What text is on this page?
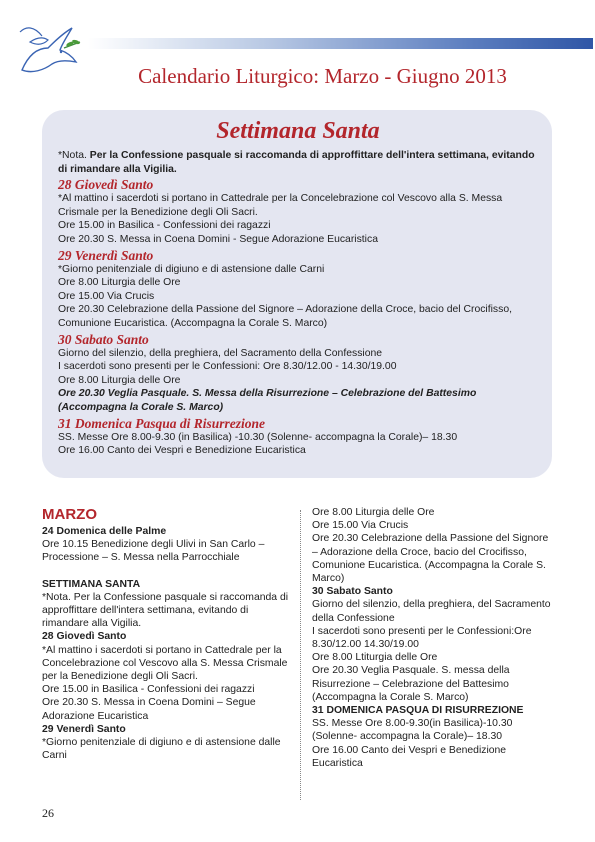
Calendario Liturgico: Marzo - Giugno 2013
Settimana Santa

*Nota. Per la Confessione pasquale si raccomanda di approffittare dell'intera settimana, evitando di rimandare alla Vigilia.

28 Giovedì Santo

*Al mattino i sacerdoti si portano in Cattedrale per la Concelebrazione col Vescovo alla S. Messa Crismale per la Benedizione degli Oli Sacri.

Ore 15.00 in Basilica - Confessioni dei ragazzi

Ore 20.30 S. Messa in Coena Domini - Segue Adorazione Eucaristica

29 Venerdì Santo

*Giorno penitenziale di digiuno e di astensione dalle Carni

Ore 8.00 Liturgia delle Ore

Ore 15.00 Via Crucis

Ore 20.30 Celebrazione della Passione del Signore – Adorazione della Croce, bacio del Crocifisso, Comunione Eucaristica. (Accompagna la Corale S. Marco)

30 Sabato Santo

Giorno del silenzio, della preghiera, del Sacramento della Confessione

I sacerdoti sono presenti per le Confessioni: Ore 8.30/12.00 - 14.30/19.00

Ore 8.00 Liturgia delle Ore

Ore 20.30 Veglia Pasquale. S. Messa della Risurrezione – Celebrazione del Battesimo (Accompagna la Corale S. Marco)

31 Domenica Pasqua di Risurrezione

SS. Messe Ore 8.00-9.30 (in Basilica) -10.30 (Solenne- accompagna la Corale)– 18.30

Ore 16.00 Canto dei Vespri e Benedizione Eucaristica

MARZO

24 Domenica delle Palme

Ore 10.15 Benedizione degli Ulivi in San Carlo – Processione – S. Messa nella Parrocchiale

SETTIMANA SANTA

*Nota. Per la Confessione pasquale si raccomanda di approffittare dell'intera settimana, evitando di rimandare alla Vigilia.

28 Giovedì Santo

*Al mattino i sacerdoti si portano in Cattedrale per la Concelebrazione col Vescovo alla S. Messa Crismale per la Benedizione degli Oli Sacri.

Ore 15.00 in Basilica - Confessioni dei ragazzi

Ore 20.30 S. Messa in Coena Domini – Segue Adorazione Eucaristica

29 Venerdì Santo

*Giorno penitenziale di digiuno e di astensione dalle Carni

Ore 8.00 Liturgia delle Ore

Ore 15.00 Via Crucis

Ore 20.30 Celebrazione della Passione del Signore – Adorazione della Croce, bacio del Crocifisso, Comunione Eucaristica. (Accompagna la Corale S. Marco)

30 Sabato Santo

Giorno del silenzio, della preghiera, del Sacramento della Confessione

I sacerdoti sono presenti per le Confessioni:Ore 8.30/12.00 14.30/19.00

Ore 8.00 Ltiturgia delle Ore

Ore 20.30 Veglia Pasquale. S. messa della Risurrezione – Celebrazione del Battesimo (Accompagna la Corale S. Marco)

31 DOMENICA PASQUA DI RISURREZIONE

SS. Messe Ore 8.00-9.30(in Basilica)-10.30 (Solenne- accompagna la Corale)– 18.30

Ore 16.00 Canto dei Vespri e Benedizione Eucaristica

26
